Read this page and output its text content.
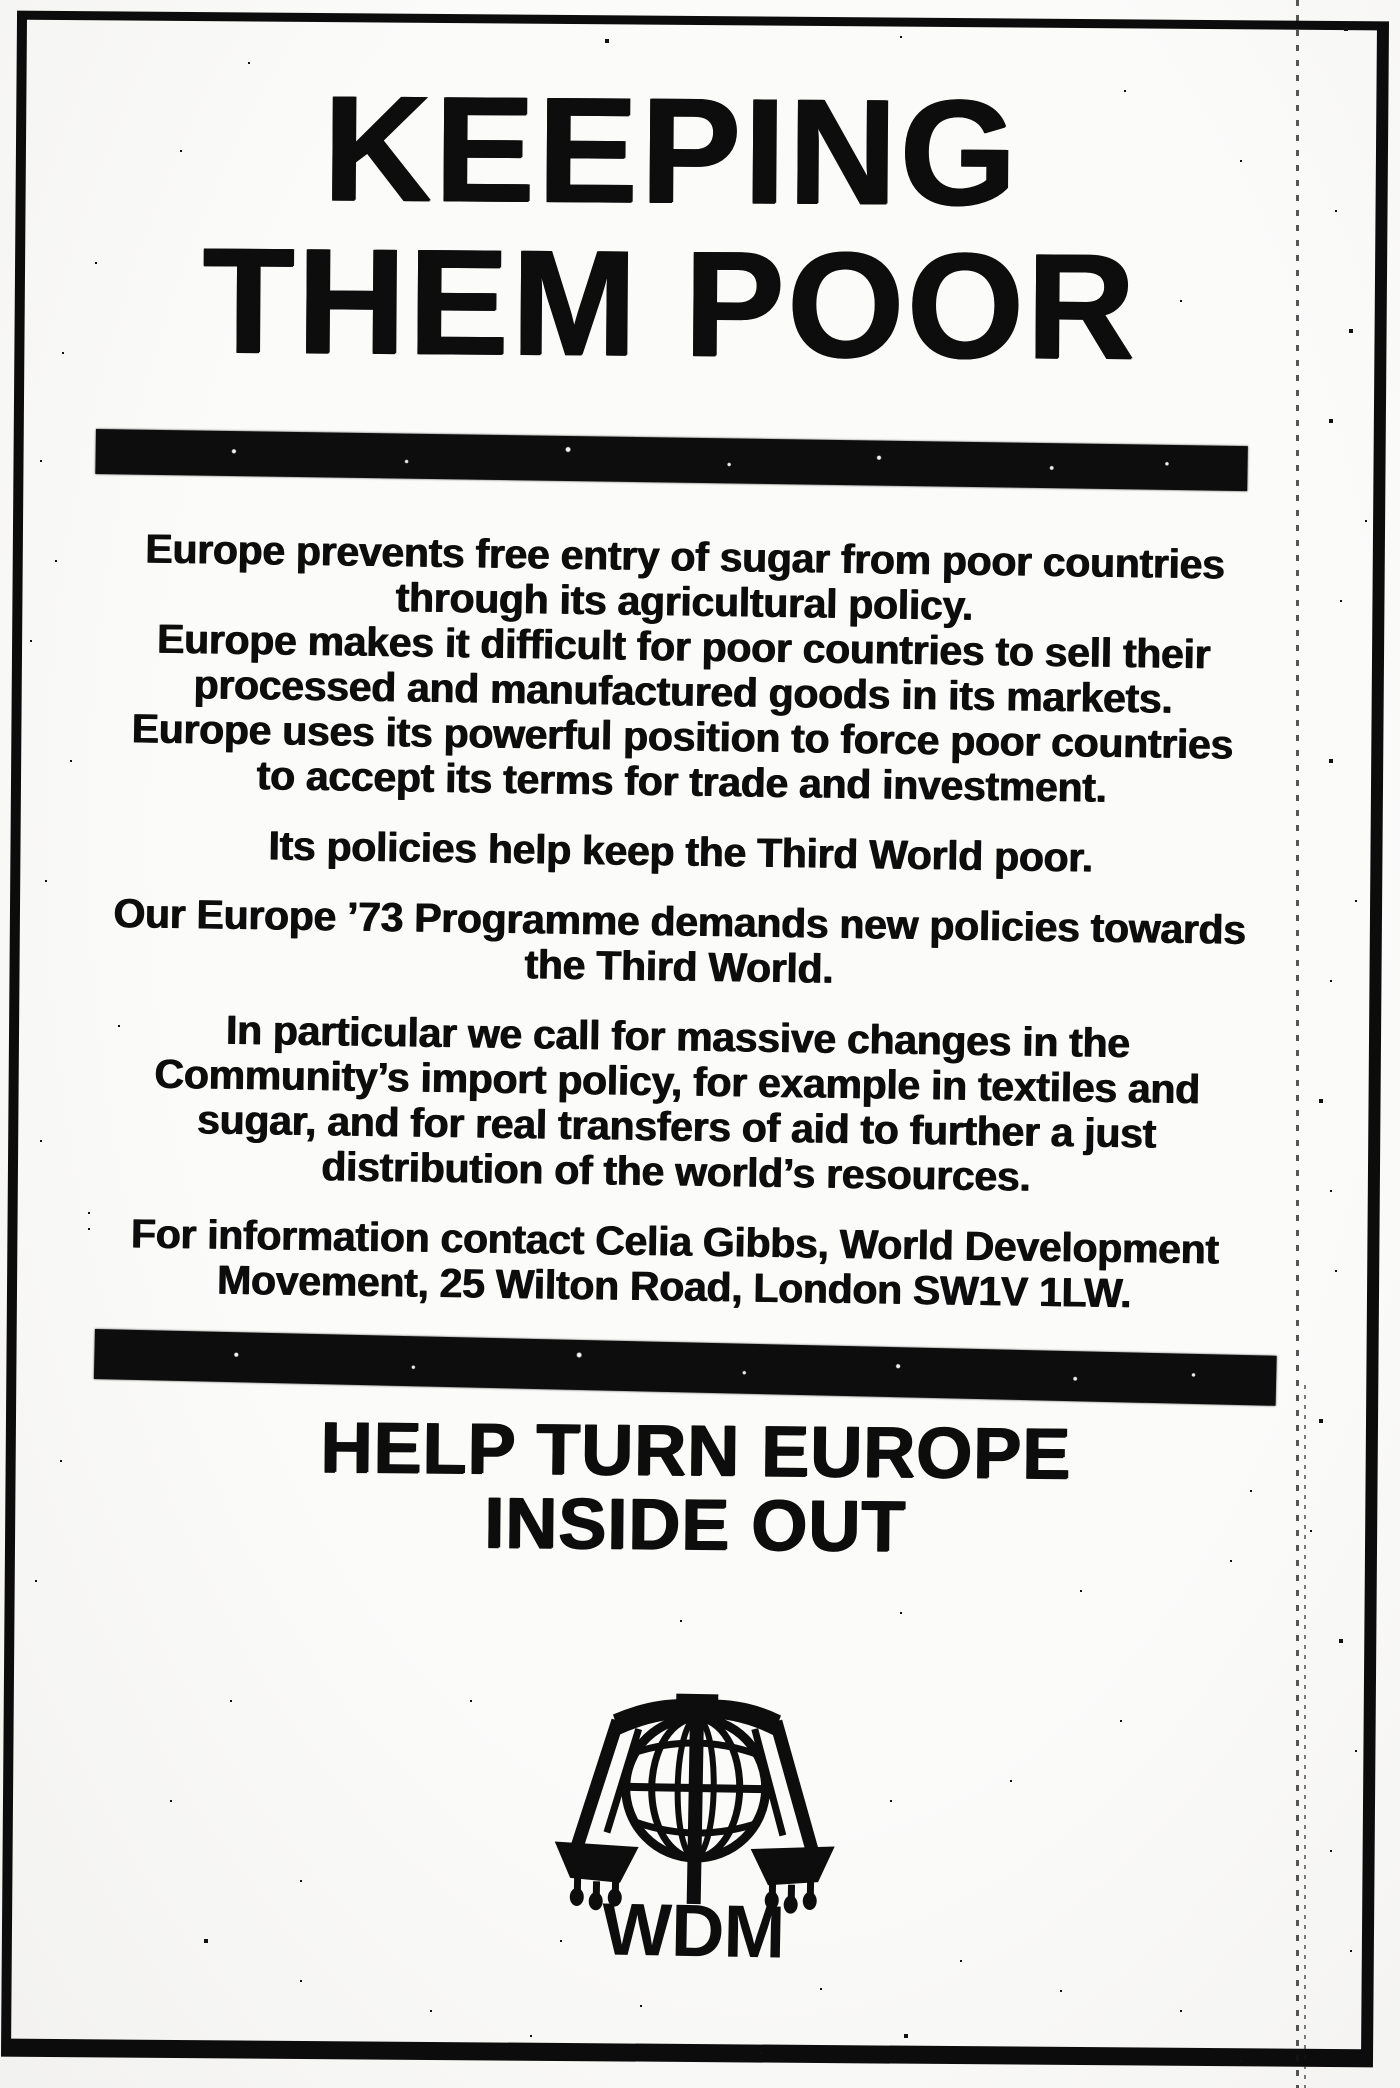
KEEPING
THEM POOR
Europe prevents free entry of sugar from poor countries
through its agricultural policy.
Europe makes it difficult for poor countries to sell their
processed and manufactured goods in its markets.
Europe uses its powerful position to force poor countries
to accept its terms for trade and investment.
Its policies help keep the Third World poor.
Our Europe ’73 Programme demands new policies towards
the Third World.
In particular we call for massive changes in the
Community’s import policy, for example in textiles and
sugar, and for real transfers of aid to further a just
distribution of the world’s resources.
For information contact Celia Gibbs, World Development
Movement, 25 Wilton Road, London SW1V 1LW.
HELP TURN EUROPE
INSIDE OUT
WDM
